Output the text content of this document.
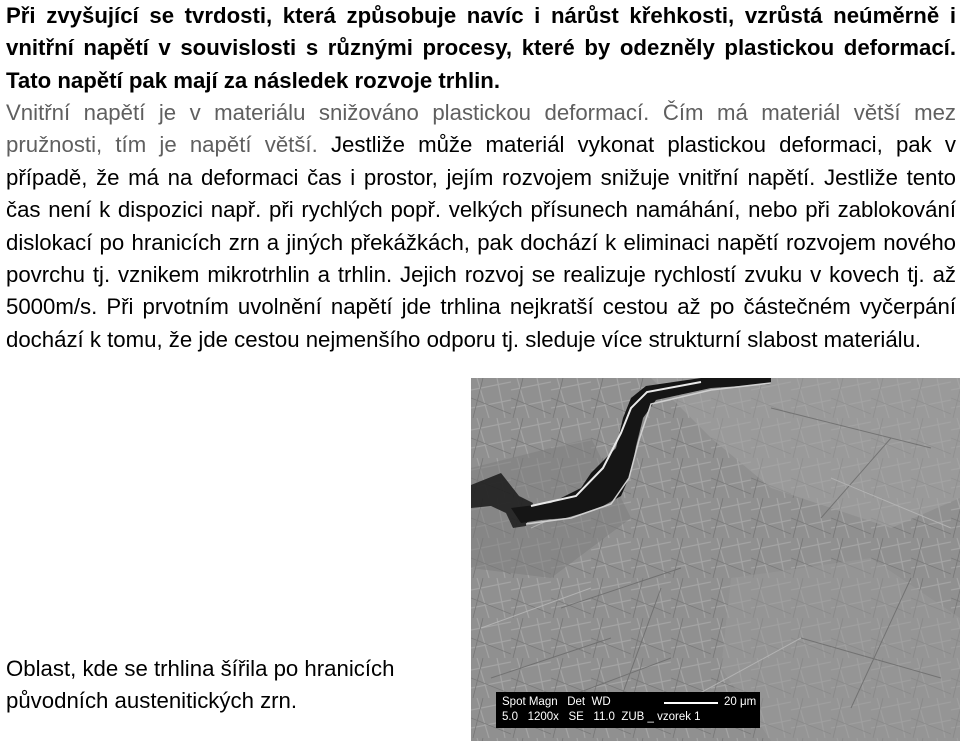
Při zvyšující se tvrdosti, která způsobuje navíc i nárůst křehkosti, vzrůstá neúměrně i vnitřní napětí v souvislosti s různými procesy, které by odezněly plastickou deformací. Tato napětí pak mají za následek rozvoje trhlin.
Vnitřní napětí je v materiálu snižováno plastickou deformací. Čím má materiál větší mez pružnosti, tím je napětí větší. Jestliže může materiál vykonat plastickou deformaci, pak v případě, že má na deformaci čas i prostor, jejím rozvojem snižuje vnitřní napětí. Jestliže tento čas není k dispozici např. při rychlých popř. velkých přísunech namáhání, nebo při zablokování dislokací po hranicích zrn a jiných překážkách, pak dochází k eliminaci napětí rozvojem nového povrchu tj. vznikem mikrotrhlin a trhlin. Jejich rozvoj se realizuje rychlostí zvuku v kovech tj. až 5000m/s. Při prvotním uvolnění napětí jde trhlina nejkratší cestou až po částečném vyčerpání dochází k tomu, že jde cestou nejmenšího odporu tj. sleduje více strukturní slabost materiálu.
Spot Magn   Det  WD
5.0   1200x   SE   11.0  ZUB _ vzorek 1
20 μm
Oblast, kde se trhlina šířila po hranicích původních austenitických zrn.
